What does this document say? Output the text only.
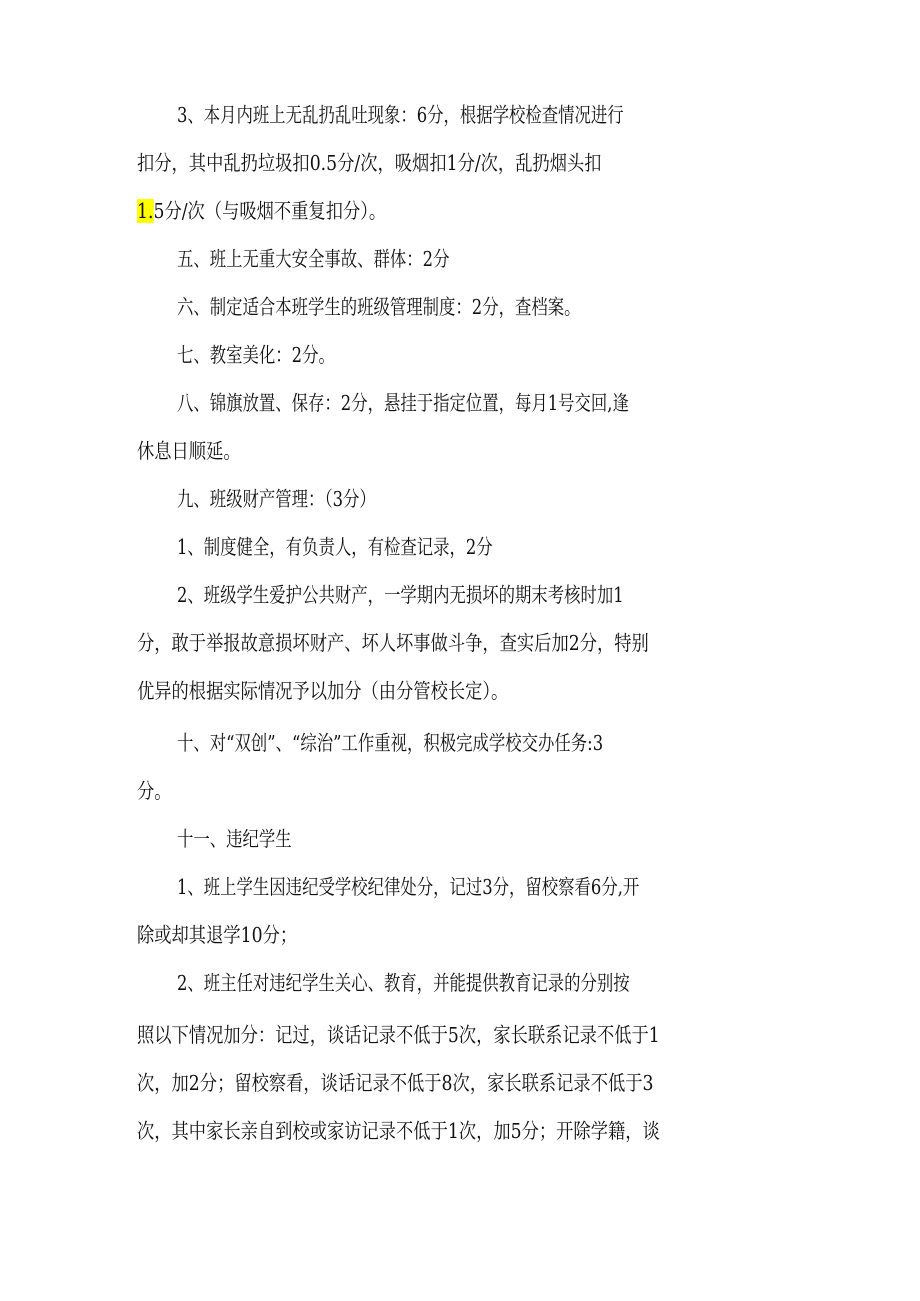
3、本月内班上无乱扔乱吐现象：6分，根据学校检查情况进行

扣分，其中乱扔垃圾扣0.5分/次，吸烟扣1分/次，乱扔烟头扣

1.5分/次（与吸烟不重复扣分）。

五、班上无重大安全事故、群体：2分

六、制定适合本班学生的班级管理制度：2分，查档案。

七、教室美化：2分。

八、锦旗放置、保存：2分，悬挂于指定位置，每月1号交回,逢

休息日顺延。

九、班级财产管理：（3分）

1、制度健全，有负责人，有检查记录，2分

2、班级学生爱护公共财产，一学期内无损坏的期末考核时加1

分，敢于举报故意损坏财产、坏人坏事做斗争，查实后加2分，特别

优异的根据实际情况予以加分（由分管校长定）。

十、对“双创”、“综治”工作重视，积极完成学校交办任务:3

分。

十一、违纪学生

1、班上学生因违纪受学校纪律处分，记过3分，留校察看6分,开

除或却其退学10分；

2、班主任对违纪学生关心、教育，并能提供教育记录的分别按

照以下情况加分：记过，谈话记录不低于5次，家长联系记录不低于1

次，加2分；留校察看，谈话记录不低于8次，家长联系记录不低于3

次，其中家长亲自到校或家访记录不低于1次，加5分；开除学籍，谈
